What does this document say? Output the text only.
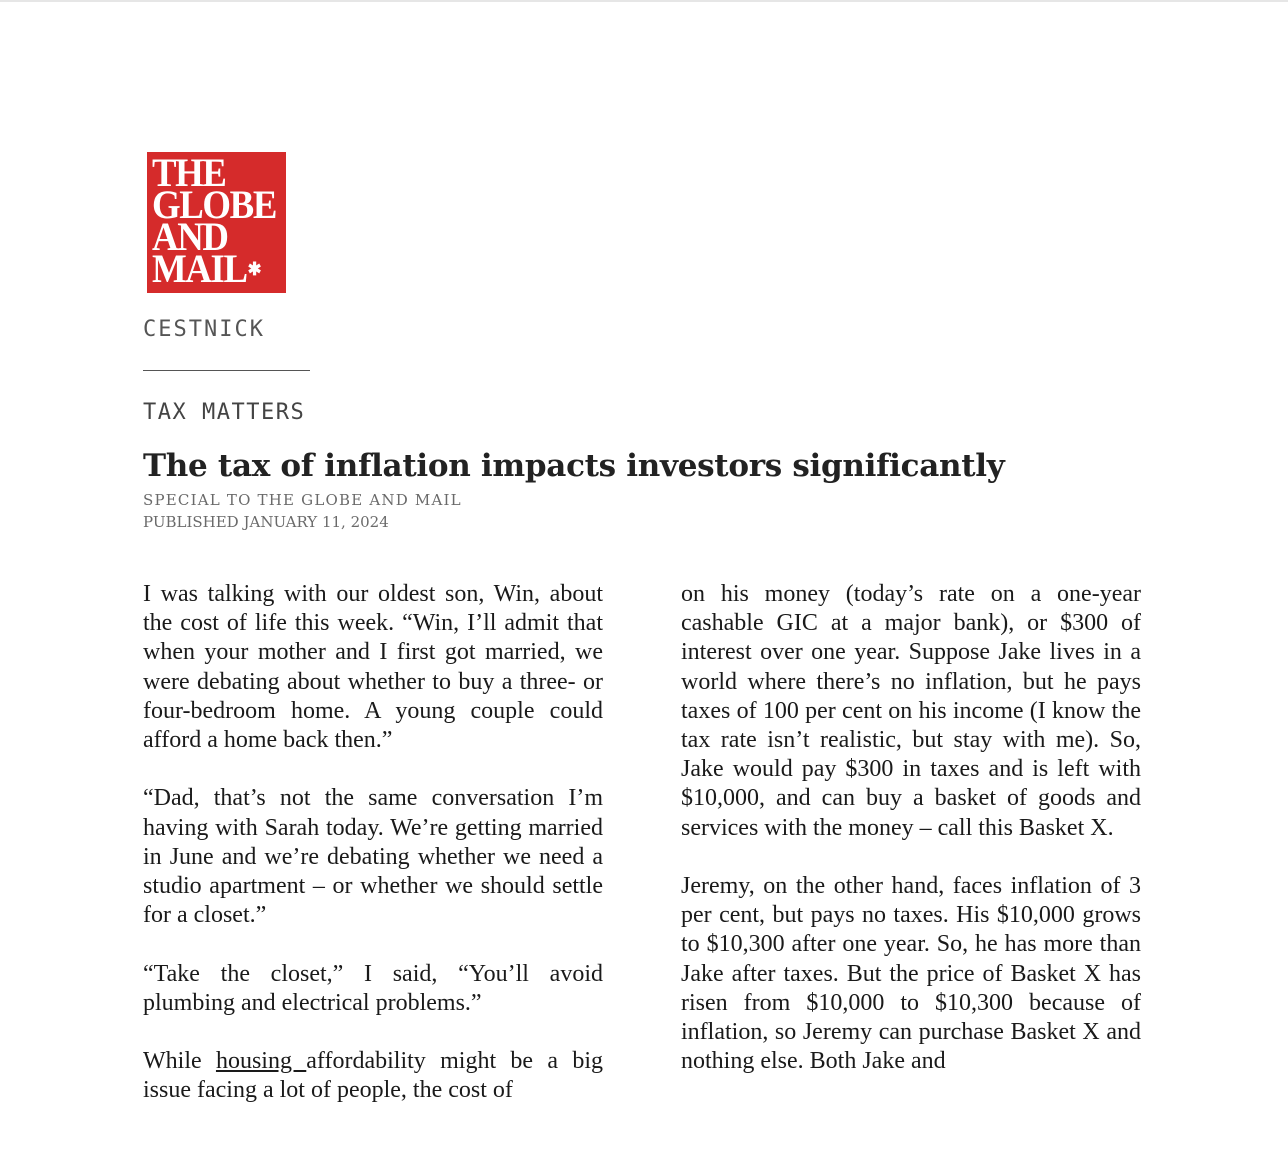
THE
GLOBE
AND
MAIL✱
CESTNICK
TAX MATTERS
The tax of inflation impacts investors significantly
SPECIAL TO THE GLOBE AND MAIL
PUBLISHED JANUARY 11, 2024

I was talking with our oldest son, Win, about the cost of life this week. “Win, I’ll admit that when your mother and I first got married, we were debating about whether to buy a three- or four-bedroom home. A young couple could afford a home back then.”

“Dad, that’s not the same conversation I’m having with Sarah today. We’re getting married in June and we’re debating whether we need a studio apartment – or whether we should settle for a closet.”

“Take the closet,” I said, “You’ll avoid plumbing and electrical problems.”

While housing affordability might be a big issue facing a lot of people, the cost of

on his money (today’s rate on a one-year cashable GIC at a major bank), or $300 of interest over one year. Suppose Jake lives in a world where there’s no inflation, but he pays taxes of 100 per cent on his income (I know the tax rate isn’t realistic, but stay with me). So, Jake would pay $300 in taxes and is left with $10,000, and can buy a basket of goods and services with the money – call this Basket X.

Jeremy, on the other hand, faces inflation of 3 per cent, but pays no taxes. His $10,000 grows to $10,300 after one year. So, he has more than Jake after taxes. But the price of Basket X has risen from $10,000 to $10,300 because of inflation, so Jeremy can purchase Basket X and nothing else. Both Jake and
